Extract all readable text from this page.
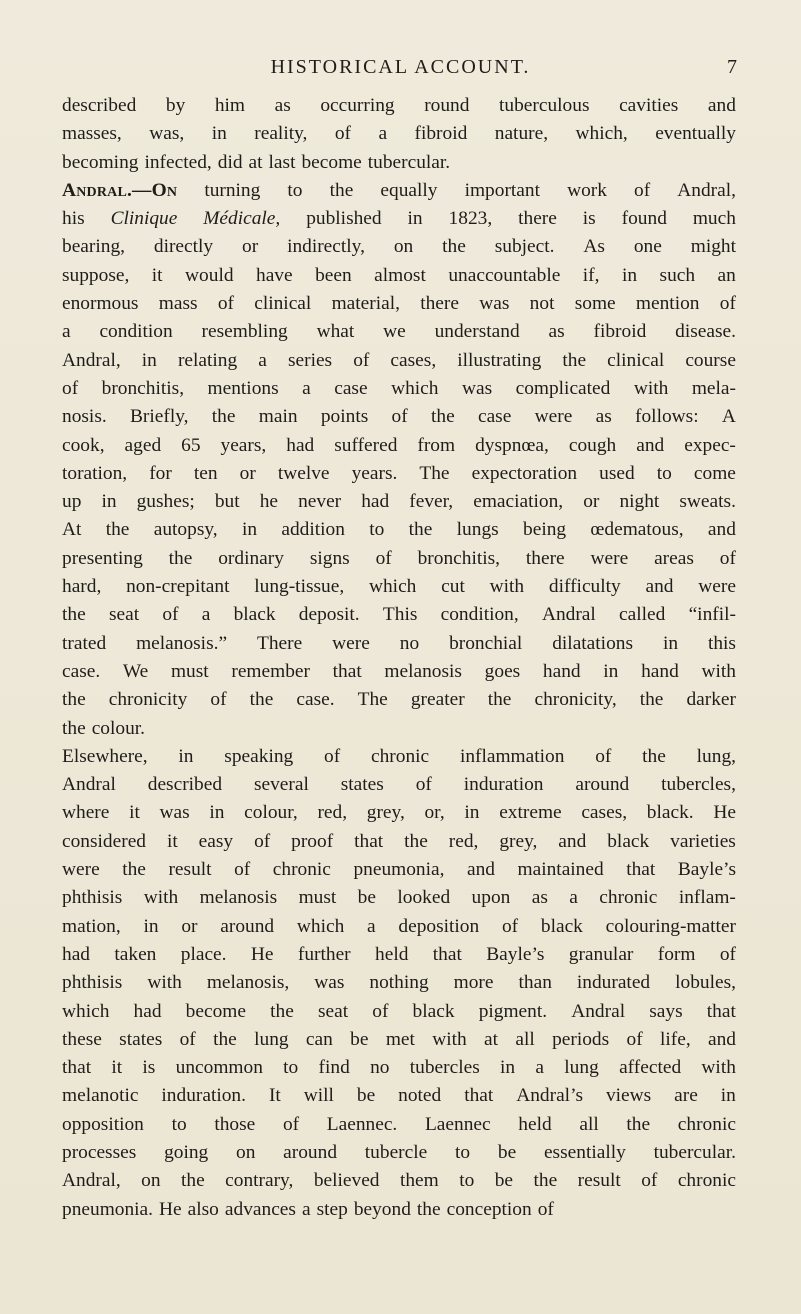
HISTORICAL ACCOUNT.	7
described by him as occurring round tuberculous cavities and
masses, was, in reality, of a fibroid nature, which, eventually
becoming infected, did at last become tubercular.
Andral.—On turning to the equally important work of Andral,
his Clinique Médicale, published in 1823, there is found much
bearing, directly or indirectly, on the subject. As one might
suppose, it would have been almost unaccountable if, in such an
enormous mass of clinical material, there was not some mention of
a condition resembling what we understand as fibroid disease.
Andral, in relating a series of cases, illustrating the clinical course
of bronchitis, mentions a case which was complicated with mela-
nosis. Briefly, the main points of the case were as follows: A
cook, aged 65 years, had suffered from dyspnœa, cough and expec-
toration, for ten or twelve years. The expectoration used to come
up in gushes; but he never had fever, emaciation, or night sweats.
At the autopsy, in addition to the lungs being œdematous, and
presenting the ordinary signs of bronchitis, there were areas of
hard, non-crepitant lung-tissue, which cut with difficulty and were
the seat of a black deposit. This condition, Andral called “infil-
trated melanosis.” There were no bronchial dilatations in this
case. We must remember that melanosis goes hand in hand with
the chronicity of the case. The greater the chronicity, the darker
the colour.
Elsewhere, in speaking of chronic inflammation of the lung,
Andral described several states of induration around tubercles,
where it was in colour, red, grey, or, in extreme cases, black. He
considered it easy of proof that the red, grey, and black varieties
were the result of chronic pneumonia, and maintained that Bayle’s
phthisis with melanosis must be looked upon as a chronic inflam-
mation, in or around which a deposition of black colouring-matter
had taken place. He further held that Bayle’s granular form of
phthisis with melanosis, was nothing more than indurated lobules,
which had become the seat of black pigment. Andral says that
these states of the lung can be met with at all periods of life, and
that it is uncommon to find no tubercles in a lung affected with
melanotic induration. It will be noted that Andral’s views are in
opposition to those of Laennec. Laennec held all the chronic
processes going on around tubercle to be essentially tubercular.
Andral, on the contrary, believed them to be the result of chronic
pneumonia. He also advances a step beyond the conception of
